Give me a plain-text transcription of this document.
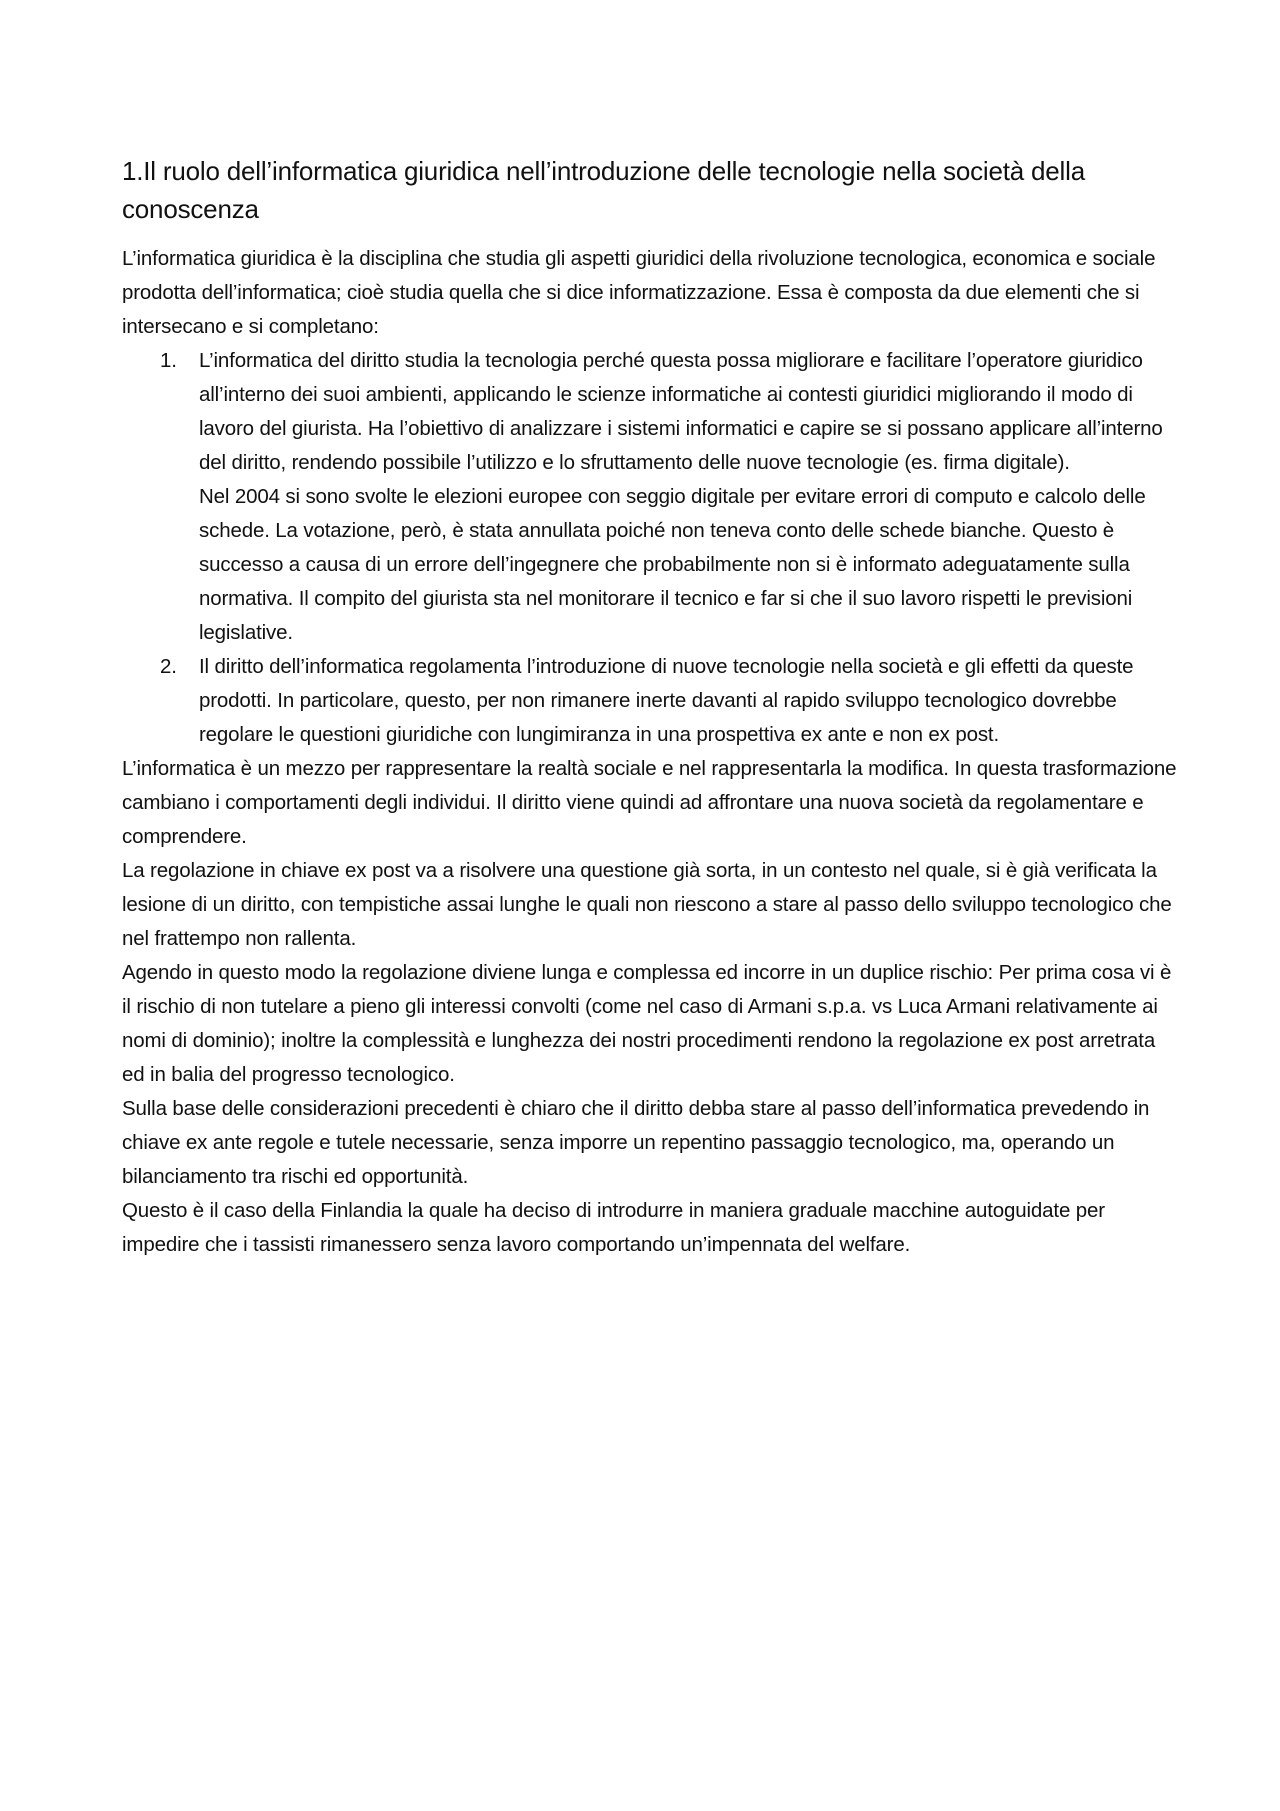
1.Il ruolo dell’informatica giuridica nell’introduzione delle tecnologie nella società della conoscenza

L’informatica giuridica è la disciplina che studia gli aspetti giuridici della rivoluzione tecnologica, economica e sociale prodotta dell’informatica; cioè studia quella che si dice informatizzazione. Essa è composta da due elementi che si intersecano e si completano:

1. L’informatica del diritto studia la tecnologia perché questa possa migliorare e facilitare l’operatore giuridico all’interno dei suoi ambienti, applicando le scienze informatiche ai contesti giuridici migliorando il modo di lavoro del giurista. Ha l’obiettivo di analizzare i sistemi informatici e capire se si possano applicare all’interno del diritto, rendendo possibile l’utilizzo e lo sfruttamento delle nuove tecnologie (es. firma digitale).

Nel 2004 si sono svolte le elezioni europee con seggio digitale per evitare errori di computo e calcolo delle schede. La votazione, però, è stata annullata poiché non teneva conto delle schede bianche. Questo è successo a causa di un errore dell’ingegnere che probabilmente non si è informato adeguatamente sulla normativa. Il compito del giurista sta nel monitorare il tecnico e far si che il suo lavoro rispetti le previsioni legislative.

2. Il diritto dell’informatica regolamenta l’introduzione di nuove tecnologie nella società e gli effetti da queste prodotti. In particolare, questo, per non rimanere inerte davanti al rapido sviluppo tecnologico dovrebbe regolare le questioni giuridiche con lungimiranza in una prospettiva ex ante e non ex post.

L’informatica è un mezzo per rappresentare la realtà sociale e nel rappresentarla la modifica. In questa trasformazione cambiano i comportamenti degli individui. Il diritto viene quindi ad affrontare una nuova società da regolamentare e comprendere.

La regolazione in chiave ex post va a risolvere una questione già sorta, in un contesto nel quale, si è già verificata la lesione di un diritto, con tempistiche assai lunghe le quali non riescono a stare al passo dello sviluppo tecnologico che nel frattempo non rallenta.

Agendo in questo modo la regolazione diviene lunga e complessa ed incorre in un duplice rischio: Per prima cosa vi è il rischio di non tutelare a pieno gli interessi convolti (come nel caso di Armani s.p.a. vs Luca Armani relativamente ai nomi di dominio); inoltre la complessità e lunghezza dei nostri procedimenti rendono la regolazione ex post arretrata ed in balia del progresso tecnologico.

Sulla base delle considerazioni precedenti è chiaro che il diritto debba stare al passo dell’informatica prevedendo in chiave ex ante regole e tutele necessarie, senza imporre un repentino passaggio tecnologico, ma, operando un bilanciamento tra rischi ed opportunità.

Questo è il caso della Finlandia la quale ha deciso di introdurre in maniera graduale macchine autoguidate per impedire che i tassisti rimanessero senza lavoro comportando un’impennata del welfare.
